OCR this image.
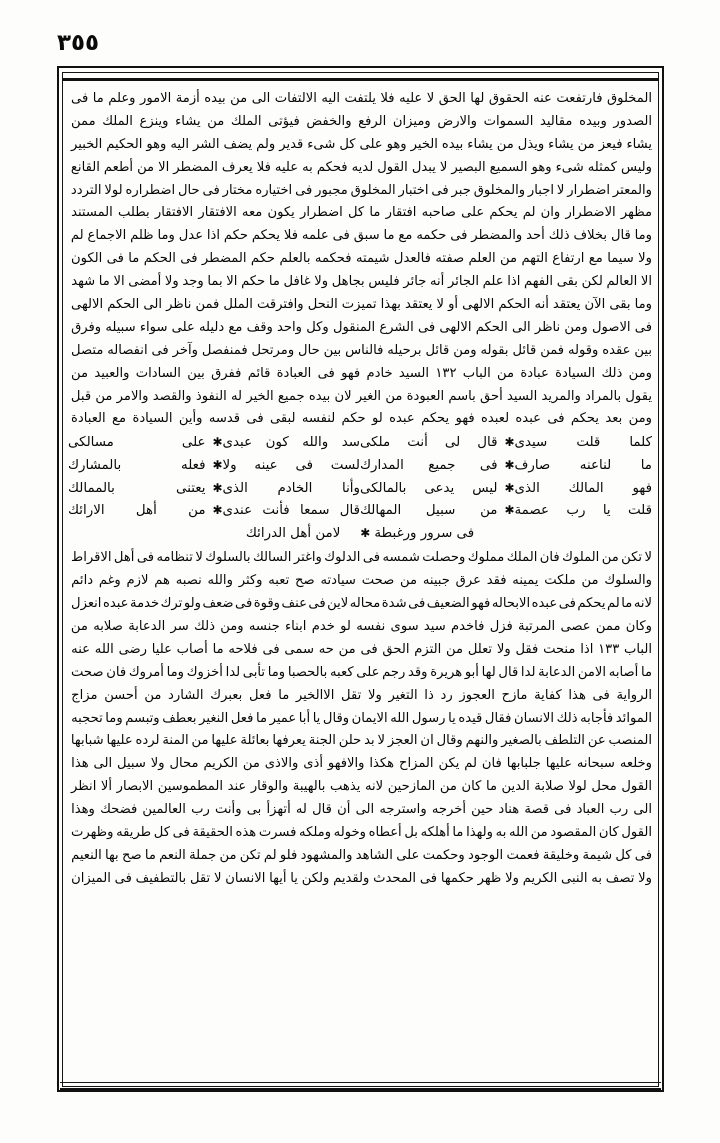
٣٥٥
المخلوق
فارتفعت
عنه
الحقوق
لها
الحق
لا
علیه
فلا
یلتفت
الیه
الالتفات
الى
من
بیده
أزمة
الامور
وعلم
ما
فى
الصدور
وبیده
مقالید
السموات
والارض
ومیزان
الرفع
والخفض
فیؤتى
الملك
من
یشاء
وینزع
الملك
ممن
یشاء
فیعز
من
یشاء
ویذل
من
یشاء
بیده
الخیر
وهو
على
كل
شىء
قدیر
ولم
یضف
الشر
الیه
وهو
الحكیم
الخبیر
ولیس
كمثله
شىء
وهو
السمیع
البصیر
لا
یبدل
القول
لدیه
فحكم
به
علیه
فلا
یعرف
المضطر
الا
من
أطعم
القانع
والمعتر
اضطرار
لا
اجبار
والمخلوق
جبر
فى
اختبار
المخلوق
مجبور
فى
اختیاره
مختار
فى
حال
اضطراره
لولا
التردد
مظهر
الاضطرار
وان
لم
یحكم
على
صاحبه
افتقار
ما
كل
اضطرار
یكون
معه
الافتقار
الافتقار
بطلب
المستند
وما
قال
بخلاف
ذلك
أحد
والمضطر
فى
حكمه
مع
ما
سبق
فى
علمه
فلا
یحكم
حكم
اذا
عدل
وما
ظلم
الاجماع
لم
ولا
سیما
مع
ارتفاع
التهم
من
العلم
صفته
فالعدل
شیمته
فحكمه
بالعلم
حكم
المضطر
فى
الحكم
ما
فى
الكون
الا
العالم
لكن
بقى
الفهم
اذا
علم
الجائر
أنه
جائر
فلیس
بجاهل
ولا
غافل
ما
حكم
الا
بما
وجد
ولا
أمضى
الا
ما
شهد
وما
بقى
الآن
یعتقد
أنه
الحكم
الالهى
أو
لا
یعتقد
بهذا
تمیزت
النحل
وافترقت
الملل
فمن
ناظر
الى
الحكم
الالهى
فى
الاصول
ومن
ناظر
الى
الحكم
الالهى
فى
الشرع
المنقول
وكل
واحد
وقف
مع
دلیله
على
سواء
سبیله
وفرق
بین
عقده
وقوله
فمن
قائل
بقوله
ومن
قائل
برحیله
فالناس
بین
حال
ومرتحل
فمنفصل
وآخر
فى
انفصاله
متصل
ومن
ذلك
السیادة
عبادة
من
الباب
١٣٢
السید
خادم
فهو
فى
العبادة
قائم
ففرق
بین
السادات
والعبید
من
یقول
بالمراد
والمرید
السید
أحق
باسم
العبودة
من
الغیر
لان
بیده
جمیع
الخیر
له
النفوذ
والقصد
والامر
من
قبل
ومن
بعد
یحكم
فى
عبده
لعبده
فهو
یحكم
عبده
لو
حكم
لنفسه
لبقى
فى
قدسه
وأین
السیادة
مع
العبادة
كلما قلت سیدى
✱
قال لى أنت ملكى
سد والله كون عبدى
✱
على مسالكى
ما لناعنه صارف
✱
فى جمیع المدارك
لست فى عینه ولا
✱
فعله بالمشارك
فهو المالك الذى
✱
لیس یدعى بالمالكى
وأنا الخادم الذى
✱
یعتنى بالممالك
قلت یا رب عصمة
✱
من سبیل المهالك
قال سمعا فأنت عندى
✱
من أهل الارائك
فى سرور ورغبطة
✱
لامن أهل الدرائك
لا
تكن
من
الملوك
فان
الملك
مملوك
وحصلت
شمسه
فى
الدلوك
واغتر
السالك
بالسلوك
لا
تنظامه
فى
أهل
الاقراط
والسلوك
من
ملكت
یمینه
فقد
عرق
جبینه
من
صحت
سیادته
صح
تعبه
وكثر
والله
نصبه
هم
لازم
وغم
دائم
لانه
ما
لم
یحكم
فى
عبده
الابحاله
فهو
الضعیف
فى
شدة
محاله
لاین
فى
عنف
وقوة
فى
ضعف
ولو
ترك
خدمة
عبده
انعزل
وكان
ممن
عصى
المرتبة
فزل
فاخدم
سید
سوى
نفسه
لو
خدم
ابناء
جنسه
ومن
ذلك
سر
الدعابة
صلابه
من
الباب
١٣٣
اذا
منحت
فقل
ولا
تعلل
من
التزم
الحق
فى
من
حه
سمى
فى
فلاحه
ما
أصاب
علیا
رضى
الله
عنه
ما
أصابه
الامن
الدعابة
لدا
قال
لها
أبو
هریرة
وقد
رجم
على
كعبه
بالحصبا
وما
تأبى
لدا
أخزوك
وما
أمروك
فان
صحت
الروایة
فى
هذا
كفایة
مازح
العجوز
رد
ذا
التغیر
ولا
تقل
الاالخیر
ما
فعل
بعبرك
الشارد
من
أحسن
مزاج
الموائد
فأجابه
ذلك
الانسان
فقال
قیده
یا
رسول
الله
الایمان
وقال
یا
أبا
عمیر
ما
فعل
النغیر
بعطف
وتبسم
وما
تحجبه
المنصب
عن
التلطف
بالصغیر
والنهم
وقال
ان
العجز
لا
بد
حلن
الجنة
یعرفها
بعائلة
علیها
من
المنة
لرده
علیها
شبابها
وخلعه
سبحانه
علیها
جلبابها
فان
لم
یكن
المزاح
هكذا
والافهو
أذى
والاذى
من
الكریم
محال
ولا
سبیل
الى
هذا
القول
محل
لولا
صلابة
الدین
ما
كان
من
المازحین
لانه
یذهب
بالهیبة
والوقار
عند
المطموسین
الابصار
ألا
انظر
الى
رب
العباد
فى
قصة
هناد
حین
أخرجه
واسترجه
الى
أن
قال
له
أتهزأ
بى
وأنت
رب
العالمین
فضحك
وهذا
القول
كان
المقصود
من
الله
به
ولهذا
ما
أهلكه
بل
أعطاه
وخوله
وملكه
فسرت
هذه
الحقیقة
فى
كل
طریقه
وظهرت
فى
كل
شیمة
وخلیقة
فعمت
الوجود
وحكمت
على
الشاهد
والمشهود
فلو
لم
تكن
من
جملة
النعم
ما
صح
بها
النعیم
ولا
تصف
به
النبى
الكریم
ولا
ظهر
حكمها
فى
المحدث
ولقدیم
ولكن
یا
أیها
الانسان
لا
تقل
بالتطفیف
فى
المیزان
